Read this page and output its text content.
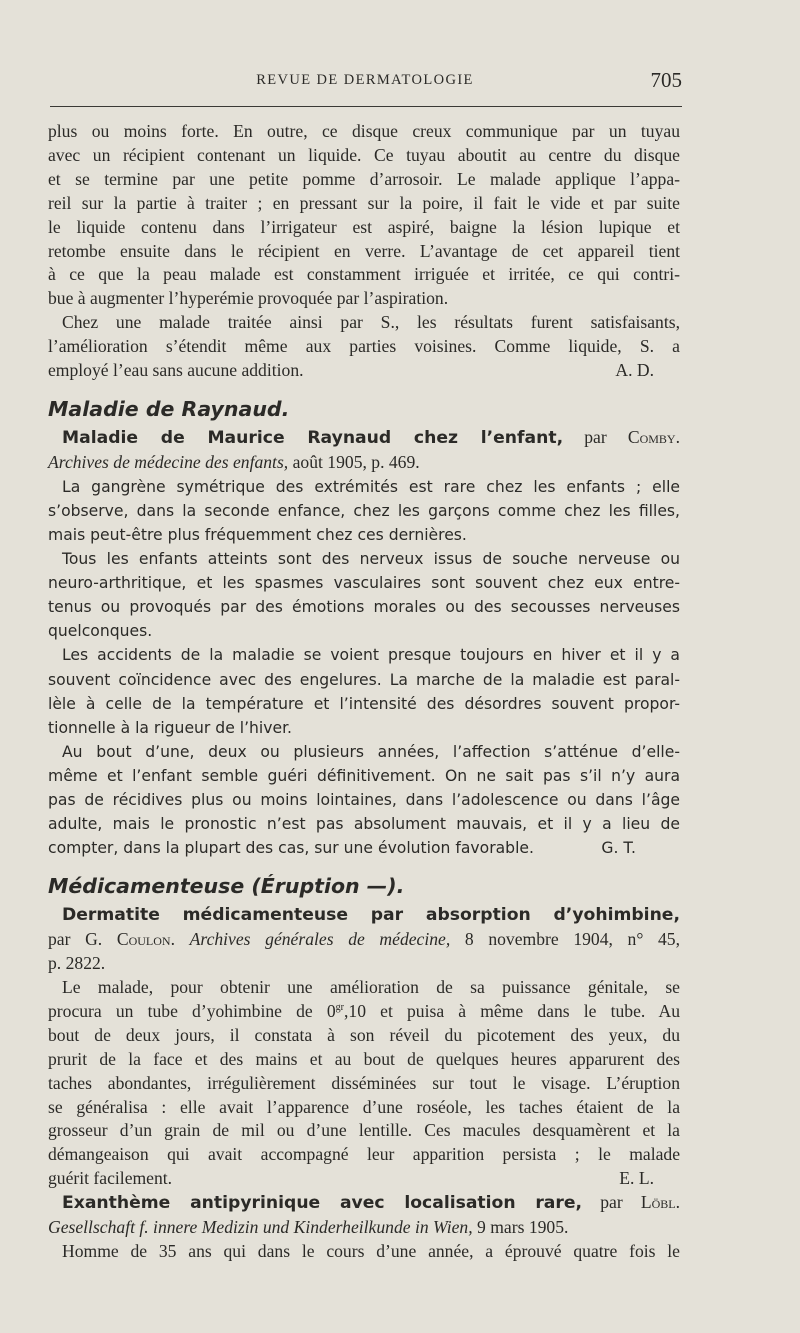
REVUE DE DERMATOLOGIE	705

plus ou moins forte. En outre, ce disque creux communique par un tuyau

avec un récipient contenant un liquide. Ce tuyau aboutit au centre du disque

et se termine par une petite pomme d’arrosoir. Le malade applique l’appa-

reil sur la partie à traiter ; en pressant sur la poire, il fait le vide et par suite

le liquide contenu dans l’irrigateur est aspiré, baigne la lésion lupique et

retombe ensuite dans le récipient en verre. L’avantage de cet appareil tient

à ce que la peau malade est constamment irriguée et irritée, ce qui contri-

bue à augmenter l’hyperémie provoquée par l’aspiration.

Chez une malade traitée ainsi par S., les résultats furent satisfaisants,

l’amélioration s’étendit même aux parties voisines. Comme liquide, S. a

employé l’eau sans aucune addition.	A. D.

Maladie de Raynaud.

Maladie de Maurice Raynaud chez l’enfant, par Comby.

Archives de médecine des enfants, août 1905, p. 469.

La gangrène symétrique des extrémités est rare chez les enfants ; elle

s’observe, dans la seconde enfance, chez les garçons comme chez les filles,

mais peut-être plus fréquemment chez ces dernières.

Tous les enfants atteints sont des nerveux issus de souche nerveuse ou

neuro-arthritique, et les spasmes vasculaires sont souvent chez eux entre-

tenus ou provoqués par des émotions morales ou des secousses nerveuses

quelconques.

Les accidents de la maladie se voient presque toujours en hiver et il y a

souvent coïncidence avec des engelures. La marche de la maladie est paral-

lèle à celle de la température et l’intensité des désordres souvent propor-

tionnelle à la rigueur de l’hiver.

Au bout d’une, deux ou plusieurs années, l’affection s’atténue d’elle-

même et l’enfant semble guéri définitivement. On ne sait pas s’il n’y aura

pas de récidives plus ou moins lointaines, dans l’adolescence ou dans l’âge

adulte, mais le pronostic n’est pas absolument mauvais, et il y a lieu de

compter, dans la plupart des cas, sur une évolution favorable.	G. T.

Médicamenteuse (Éruption —).

Dermatite médicamenteuse par absorption d’yohimbine,

par G. Coulon. Archives générales de médecine, 8 novembre 1904, n° 45,

p. 2822.

Le malade, pour obtenir une amélioration de sa puissance génitale, se

procura un tube d’yohimbine de $0^{gr},10$ et puisa à même dans le tube. Au

bout de deux jours, il constata à son réveil du picotement des yeux, du

prurit de la face et des mains et au bout de quelques heures apparurent des

taches abondantes, irrégulièrement disséminées sur tout le visage. L’éruption

se généralisa : elle avait l’apparence d’une roséole, les taches étaient de la

grosseur d’un grain de mil ou d’une lentille. Ces macules desquamèrent et la

démangeaison qui avait accompagné leur apparition persista ; le malade

guérit facilement.	E. L.

Exanthème antipyrinique avec localisation rare, par Löbl.

Gesellschaft f. innere Medizin und Kinderheilkunde in Wien, 9 mars 1905.

Homme de 35 ans qui dans le cours d’une année, a éprouvé quatre fois le
